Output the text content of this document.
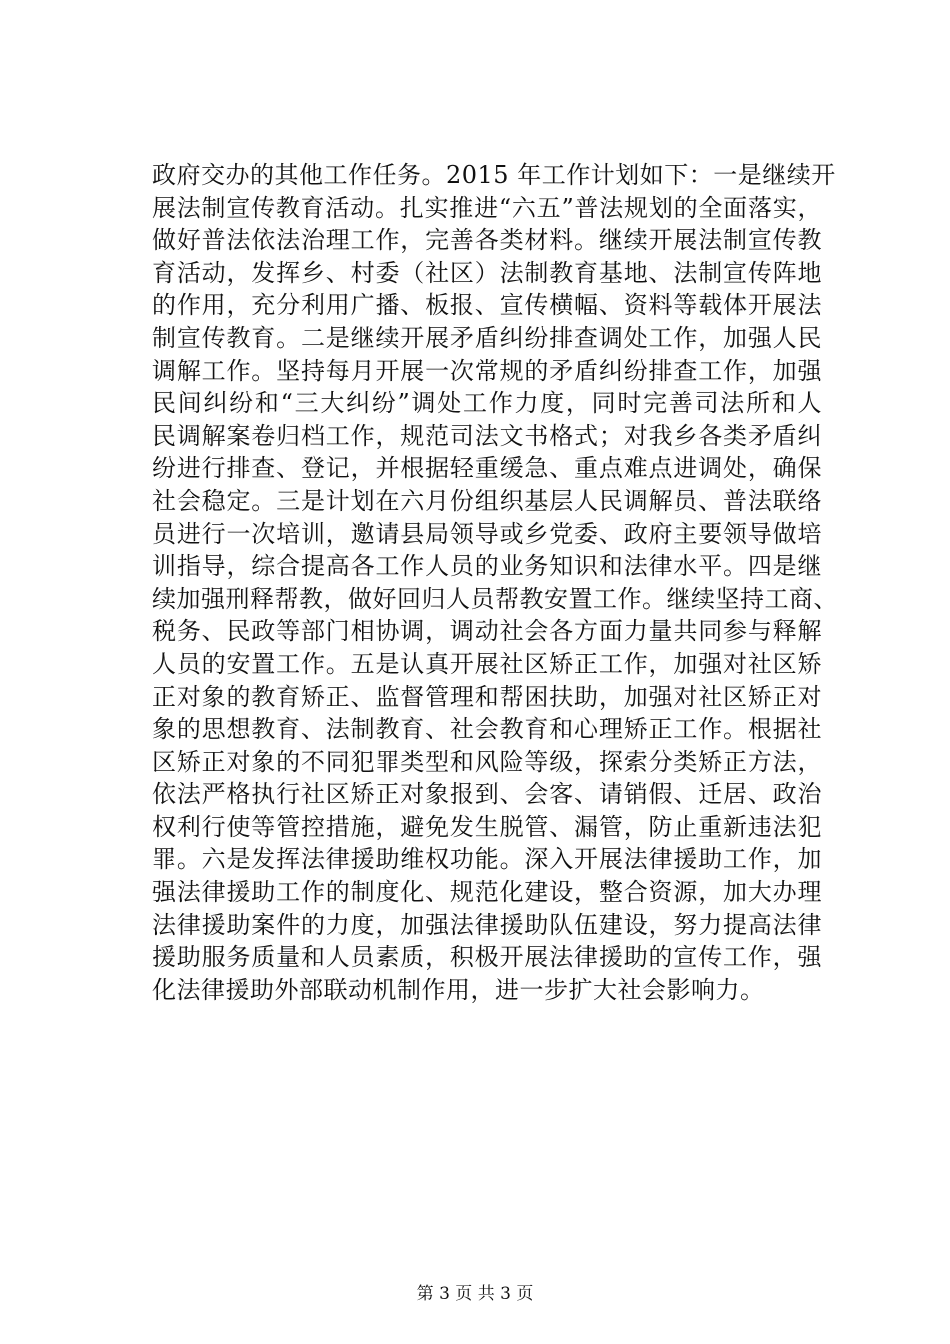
政府交办的其他工作任务。2015 年工作计划如下：一是继续开
展法制宣传教育活动。扎实推进“六五”普法规划的全面落实，
做好普法依法治理工作，完善各类材料。继续开展法制宣传教
育活动，发挥乡、村委（社区）法制教育基地、法制宣传阵地
的作用，充分利用广播、板报、宣传横幅、资料等载体开展法
制宣传教育。二是继续开展矛盾纠纷排查调处工作，加强人民
调解工作。坚持每月开展一次常规的矛盾纠纷排查工作，加强
民间纠纷和“三大纠纷”调处工作力度，同时完善司法所和人
民调解案卷归档工作，规范司法文书格式；对我乡各类矛盾纠
纷进行排查、登记，并根据轻重缓急、重点难点进调处，确保
社会稳定。三是计划在六月份组织基层人民调解员、普法联络
员进行一次培训，邀请县局领导或乡党委、政府主要领导做培
训指导，综合提高各工作人员的业务知识和法律水平。四是继
续加强刑释帮教，做好回归人员帮教安置工作。继续坚持工商、
税务、民政等部门相协调，调动社会各方面力量共同参与释解
人员的安置工作。五是认真开展社区矫正工作，加强对社区矫
正对象的教育矫正、监督管理和帮困扶助，加强对社区矫正对
象的思想教育、法制教育、社会教育和心理矫正工作。根据社
区矫正对象的不同犯罪类型和风险等级，探索分类矫正方法，
依法严格执行社区矫正对象报到、会客、请销假、迁居、政治
权利行使等管控措施，避免发生脱管、漏管，防止重新违法犯
罪。六是发挥法律援助维权功能。深入开展法律援助工作，加
强法律援助工作的制度化、规范化建设，整合资源，加大办理
法律援助案件的力度，加强法律援助队伍建设，努力提高法律
援助服务质量和人员素质，积极开展法律援助的宣传工作，强
化法律援助外部联动机制作用，进一步扩大社会影响力。
第 3 页 共 3 页
